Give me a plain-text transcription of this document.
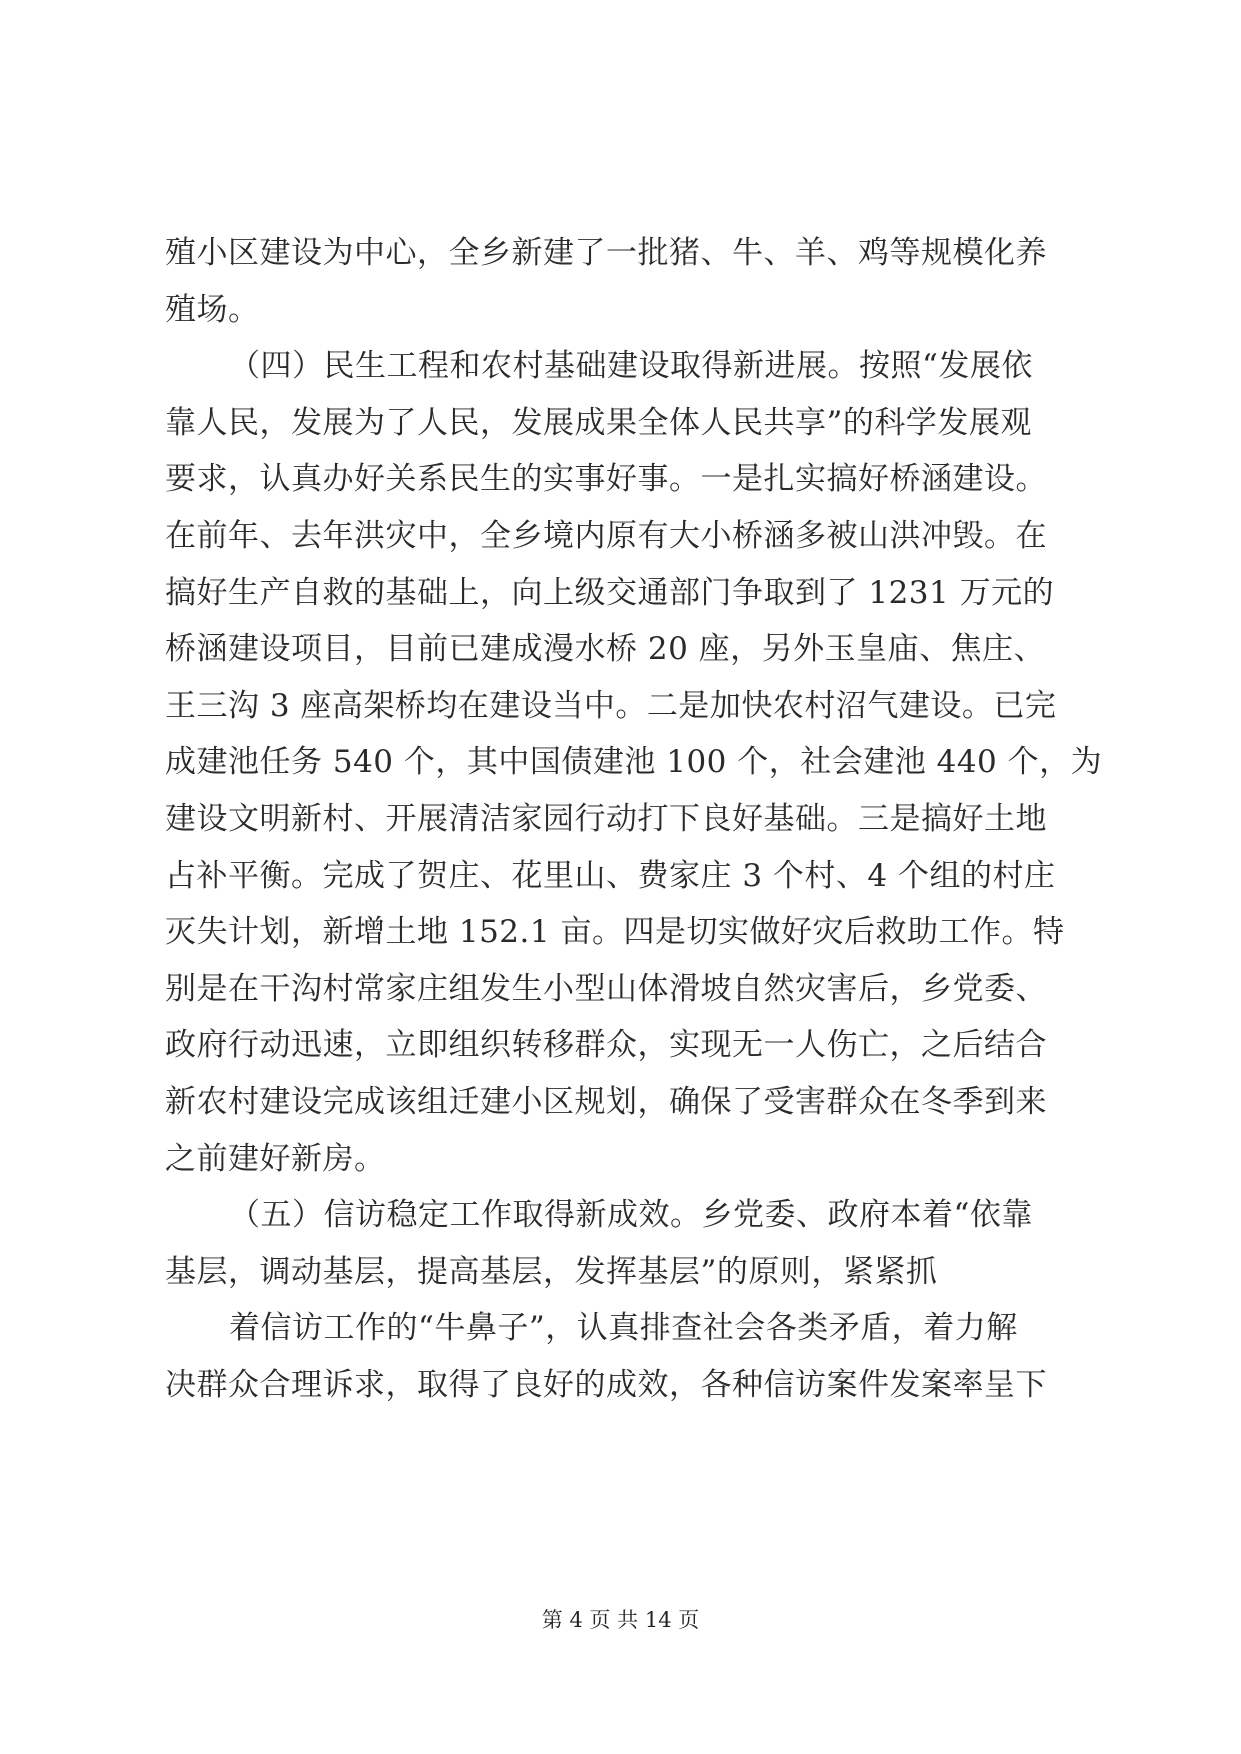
殖小区建设为中心，全乡新建了一批猪、牛、羊、鸡等规模化养
殖场。
（四）民生工程和农村基础建设取得新进展。按照“发展依
靠人民，发展为了人民，发展成果全体人民共享”的科学发展观
要求，认真办好关系民生的实事好事。一是扎实搞好桥涵建设。
在前年、去年洪灾中，全乡境内原有大小桥涵多被山洪冲毁。在
搞好生产自救的基础上，向上级交通部门争取到了 1231 万元的
桥涵建设项目，目前已建成漫水桥 20 座，另外玉皇庙、焦庄、
王三沟 3 座高架桥均在建设当中。二是加快农村沼气建设。已完
成建池任务 540 个，其中国债建池 100 个，社会建池 440 个，为
建设文明新村、开展清洁家园行动打下良好基础。三是搞好土地
占补平衡。完成了贺庄、花里山、费家庄 3 个村、4 个组的村庄
灭失计划，新增土地 152.1 亩。四是切实做好灾后救助工作。特
别是在干沟村常家庄组发生小型山体滑坡自然灾害后，乡党委、
政府行动迅速，立即组织转移群众，实现无一人伤亡，之后结合
新农村建设完成该组迁建小区规划，确保了受害群众在冬季到来
之前建好新房。
（五）信访稳定工作取得新成效。乡党委、政府本着“依靠
基层，调动基层，提高基层，发挥基层”的原则，紧紧抓
着信访工作的“牛鼻子”，认真排查社会各类矛盾，着力解
决群众合理诉求，取得了良好的成效，各种信访案件发案率呈下
第 4 页 共 14 页
